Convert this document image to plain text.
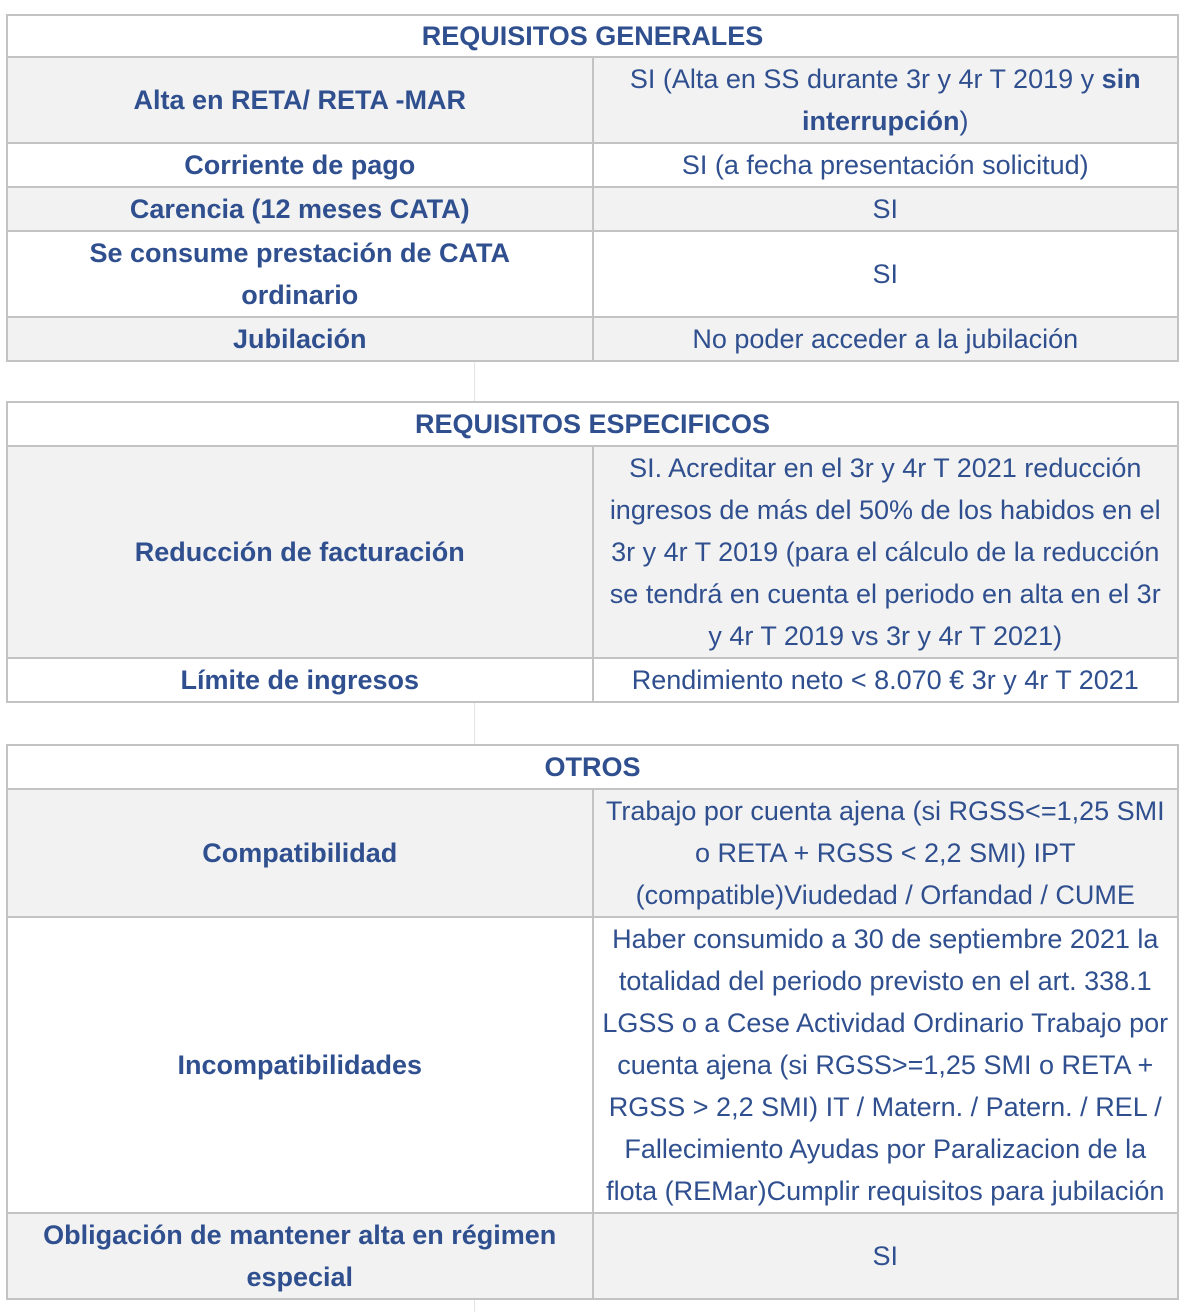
REQUISITOS GENERALES	
Alta en RETA/ RETA -MAR	SI (Alta en SS durante 3r y 4r T 2019 y sin interrupción)
Corriente de pago	SI (a fecha presentación solicitud)
Carencia (12 meses CATA)	SI
Se consume prestación de CATA ordinario	SI
Jubilación	No poder acceder a la jubilación
REQUISITOS ESPECIFICOS	
Reducción de facturación	SI. Acreditar en el 3r y 4r T 2021 reducción ingresos de más del 50% de los habidos en el 3r y 4r T 2019 (para el cálculo de la reducción se tendrá en cuenta el periodo en alta en el 3r y 4r T 2019 vs 3r y 4r T 2021)
Límite de ingresos	Rendimiento neto < 8.070 € 3r y 4r T 2021
OTROS	
Compatibilidad	Trabajo por cuenta ajena (si RGSS<=1,25 SMI o RETA + RGSS < 2,2 SMI) IPT (compatible)Viudedad / Orfandad / CUME
Incompatibilidades	Haber consumido a 30 de septiembre 2021 la totalidad del periodo previsto en el art. 338.1 LGSS o a Cese Actividad Ordinario Trabajo por cuenta ajena (si RGSS>=1,25 SMI o RETA + RGSS > 2,2 SMI) IT / Matern. / Patern. / REL / Fallecimiento Ayudas por Paralizacion de la flota (REMar)Cumplir requisitos para jubilación
Obligación de mantener alta en régimen especial	SI
